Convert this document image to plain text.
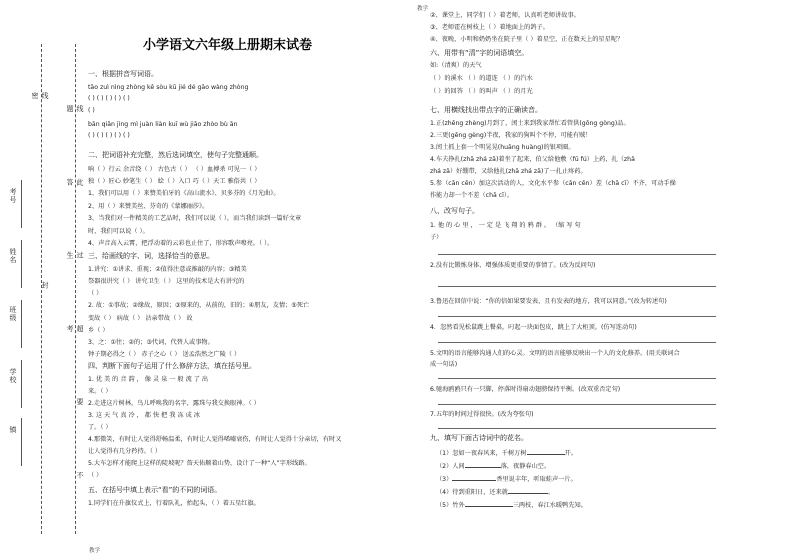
教学
教学
线 封 密	线 此 过 超 要 不 题 答 生 考
考号
姓名
班级
学校
镇
小学语文六年级上册期末试卷
一、根据拼音写词语。
tāo zuì nìng zhòng kě sòu kū jié dé gāo wàng zhòng
( ) ( ) ( ) ( ) ( )
( )
bān qiān jìng mì juàn liàn kuī wù jiāo zhòo bù ān
( ) ( ) ( ) ( ) ( )
二、把词语补充完整，然后选词填空，使句子完整通顺。
响（ ）行云 余音绕（ ） 古色古（ ） （ ）血搏杀 可见一（ ）
独（ ）匠心 妙笔生（ ） 絵（ ）入口 巧（ ）天工 雅俗共（ ）
1、我们可以用（ ）来赞美伯牙的《高山流水》、贝多芬的《月光曲》。
2、用（ ）来赞美丝、芬奇的《蒙娜丽莎》。
3、当我们对一件精美的工艺品时，我们可以说（ ），而当我们读到一篇好文章
时，我们可以说（ ）。
4、声音高入云霄，把浮动着的云彩也止住了，形容歌声嘹亮。（ ）。
三、给画线的字、词，选择恰当的意思。
1.讲究：①讲求、重视；②值得注意或推敲的内容；③精美
祭器很讲究（ ） 讲究卫生（ ） 这里的技术是大有讲究的
（ ）
2. 故：①事故；②缘故，原因；③原来的，从前的，旧的；④朋友，友情；⑤死亡
变故（ ） 病故（ ） 沾亲带故（ ） 故
乡（ ）
3、之：①往；②的；③代词，代替人或事物。
钟子期必得之（ ） 赤子之心（ ） 送孟浩然之广陵（ ）
四、判断下面句子运用了什么修辞方法，填在括号里。
1. 优 美 的 音 韵 ， 像 灵 泉 一 般 流 了 出
来。（ ）
2.走进这片树林，鸟儿呼唤我的名字，露珠与我交换眼神。（ ）
3. 这 天 气 真 冷 ， 都 快 把 我 冻 成 冰
了。（ ）
4.那微笑，有时让人觉得舒畅温柔，有时让人觉得唏嘘衰伤，有时让人觉得十分亲切，有时又
让人觉得有几分矜持。（ ）
5.大车怎样才能爬上这样的陡坡呢？詹天佑顺着山势，设计了一种“人”字形线路。
（ ）
五、在括号中填上表示“看”的不同的词语。
1.同学们在升旗仪式上，行着队礼，抬起头，（ ）着五星红旗。
②、课堂上，同学们（ ）着老师，认真听老师讲故事。
③、老师霍在树枝上（ ）着地面上的鸽子。
④、夜晚，小明和奶奶坐在院子里（ ）着星空，正在数天上的星星呢？
六、用带有“清”字的词语填空。
如:（清爽）的天气
（ ）的溪水 （ ）的道连 （ ）的汽水
（ ）的回答 （ ）的叫声 （ ）的月光
七、用横线找出带点字的正确读音。
1.正(zhēng zhèng)月到了，闰土来到我家帮忙看管供(gōng gòng)品。
2.三更(gēng gèng)半夜，我家的狗叫个不停，可能有贼！
3.闰土抓上套一个明晃晃(huāng huàng)的银项圈。
4.车夫挣扎(zhā zhá zā)着坐了起来，伯父给他敷（fū fú）上药，扎（zhā
zhá zā）好绷带，又给他扎(zhā zhá zā)了一扎止疼药。
5.参（cān cēn）加这次活动的人，文化水平参（cān cēn）差（chā cī）不齐，可动手操
作能力却一个不差（chā cī）。
八、改写句子。
1. 他 的 心 里 ， 一 定 是 飞 翔 的 鸦 群 。 （缩 写 句
子）
2.没有比锻炼身体、增强体质更重要的事情了。(改为反问句)
3.鲁迅在回信中说：“你的信如果要发表，且有发表的地方，我可以同意。”(改为转述句)
4．忽然看见松鼠跳上餐桌，叼起一块面包皮，跳上了大柜顶。(仿写连动句)
5.文明的语言能够沟通人们的心灵。文明的语言能够反映出一个人的文化修养。(用关联词合
成一句话)
6.驰海鸥鸥只有一只脚，停落时得扇动翅膀保持平衡。(改双重否定句)
7.五年的时间过得很快。(改为夸张句)
九、填写下面古诗词中的花名。
（1）忽如一夜春风来，千树万树	开。
（2）人间	落，夜静春山空。
（3）	香里说丰年，听取蛙声一片。
（4）待到重阳日，还来就	。
（5）竹外	三两枝，春江水暖鸭先知。
